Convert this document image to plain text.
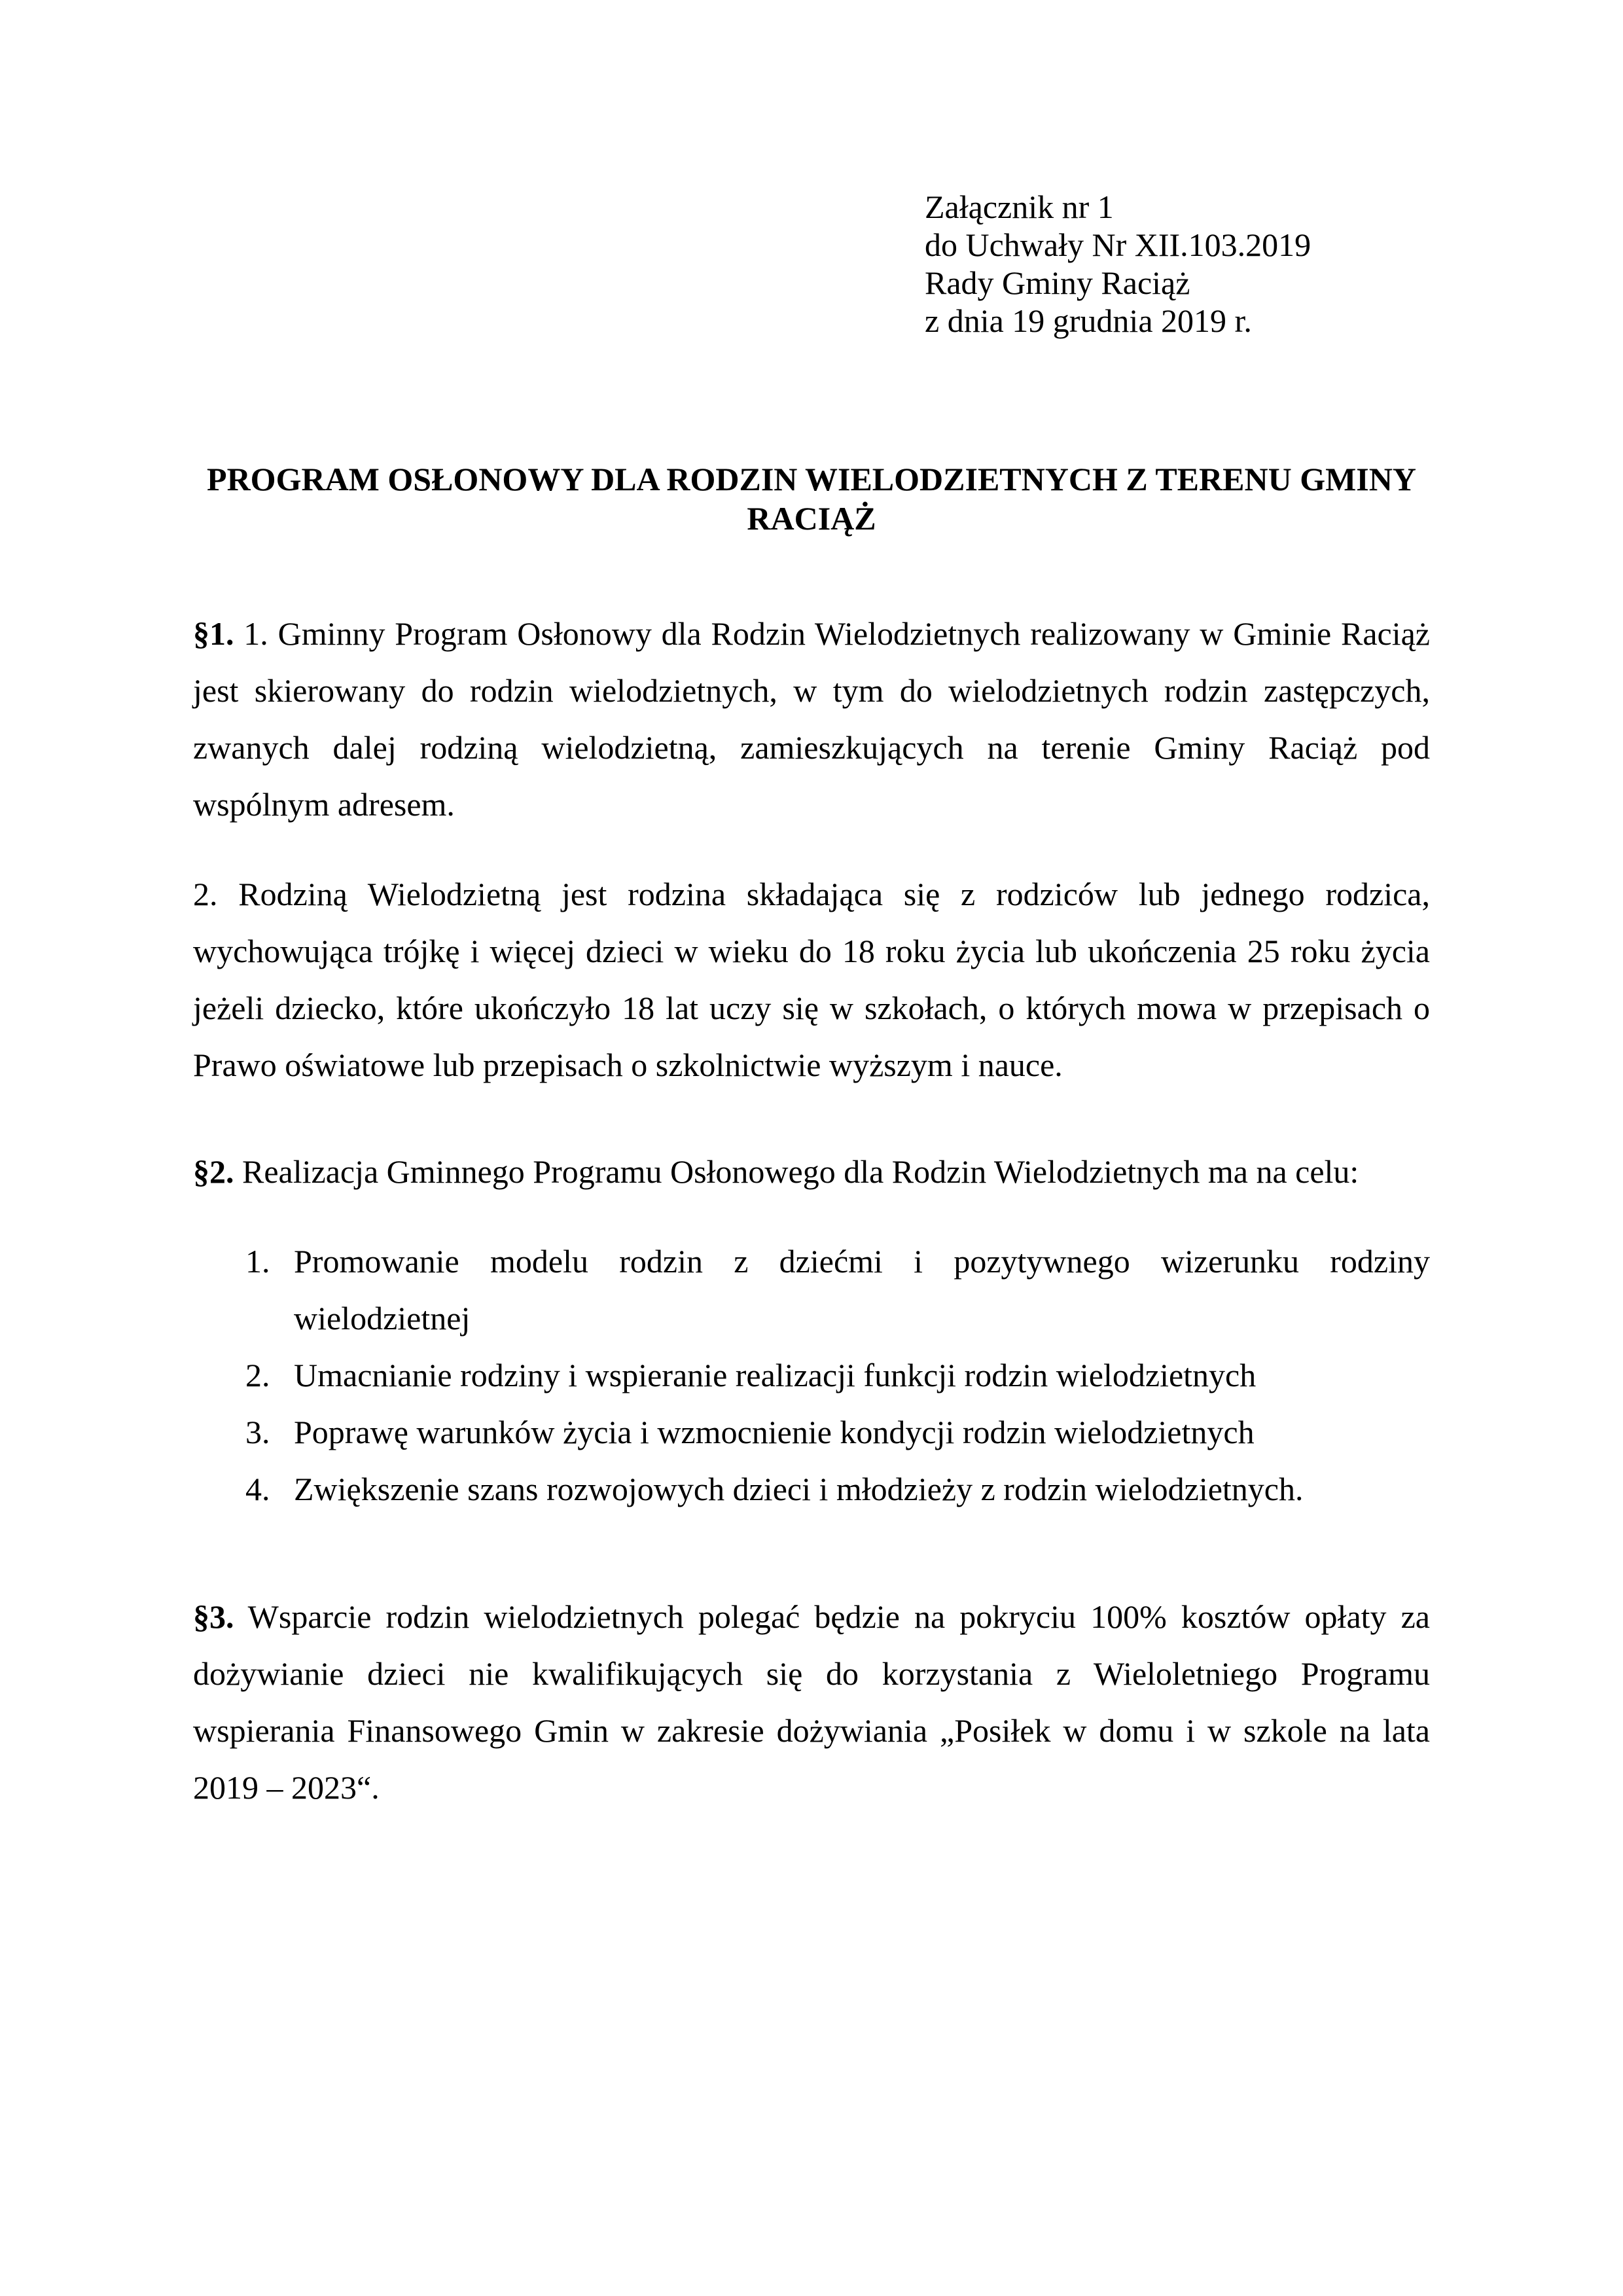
Załącznik nr 1
do Uchwały Nr XII.103.2019
Rady Gminy Raciąż
z dnia 19 grudnia 2019 r.
PROGRAM OSŁONOWY DLA RODZIN WIELODZIETNYCH Z TERENU GMINY RACIĄŻ

§1. 1. Gminny Program Osłonowy dla Rodzin Wielodzietnych realizowany w Gminie Raciąż jest skierowany do rodzin wielodzietnych, w tym do wielodzietnych rodzin zastępczych, zwanych dalej rodziną wielodzietną, zamieszkujących na terenie Gminy Raciąż pod wspólnym adresem.

2. Rodziną Wielodzietną jest rodzina składająca się z rodziców lub jednego rodzica, wychowująca trójkę i więcej dzieci w wieku do 18 roku życia lub ukończenia 25 roku życia jeżeli dziecko, które ukończyło 18 lat uczy się w szkołach, o których mowa w przepisach o Prawo oświatowe lub przepisach o szkolnictwie wyższym i nauce.

§2. Realizacja Gminnego Programu Osłonowego dla Rodzin Wielodzietnych ma na celu:

1. Promowanie modelu rodzin z dziećmi i pozytywnego wizerunku rodziny wielodzietnej
2. Umacnianie rodziny i wspieranie realizacji funkcji rodzin wielodzietnych
3. Poprawę warunków życia i wzmocnienie kondycji rodzin wielodzietnych
4. Zwiększenie szans rozwojowych dzieci i młodzieży z rodzin wielodzietnych.

§3. Wsparcie rodzin wielodzietnych polegać będzie na pokryciu 100% kosztów opłaty za dożywianie dzieci nie kwalifikujących się do korzystania z Wieloletniego Programu wspierania Finansowego Gmin w zakresie dożywiania „Posiłek w domu i w szkole na lata 2019 – 2023“.
